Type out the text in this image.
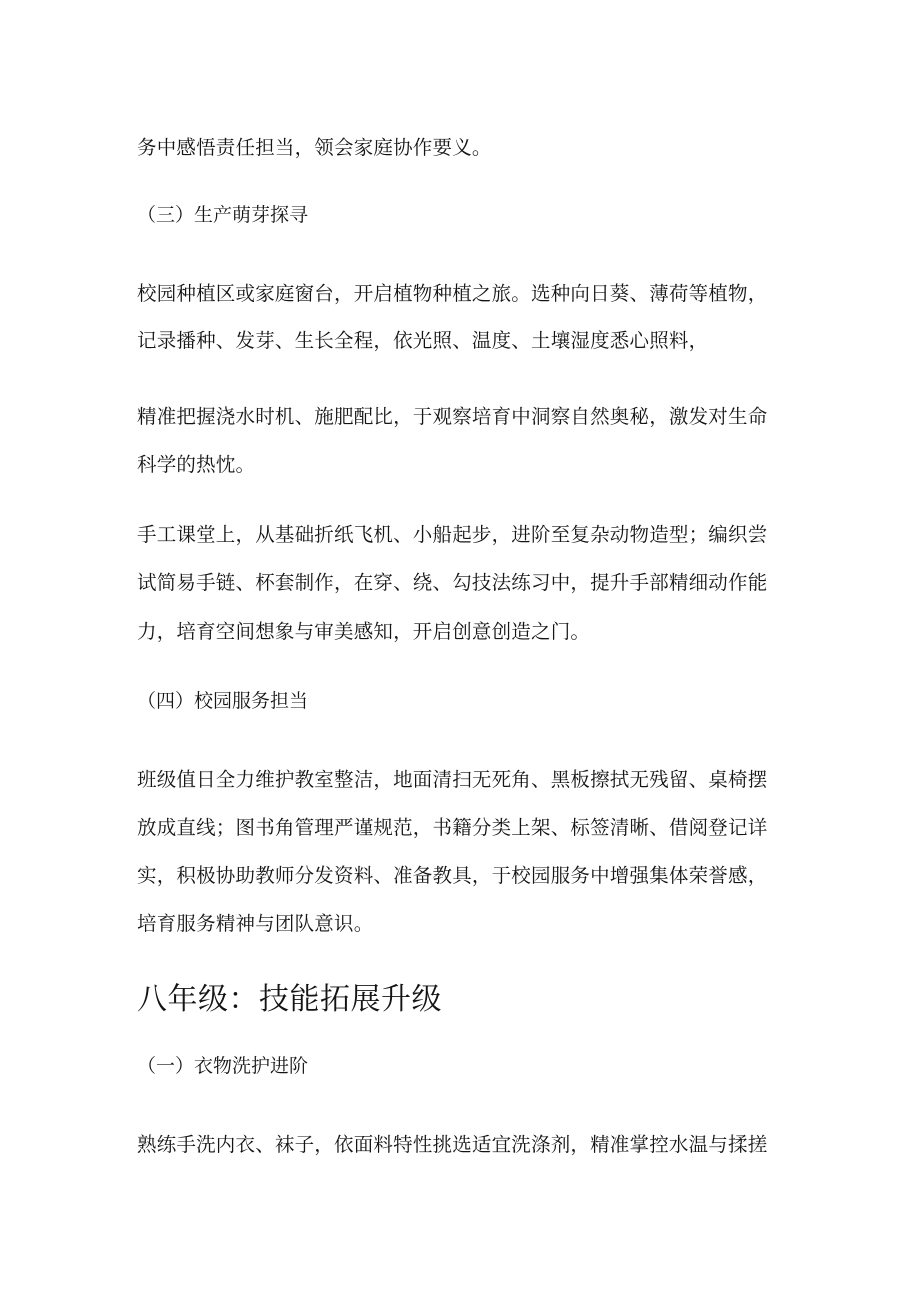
务中感悟责任担当，领会家庭协作要义。
（三）生产萌芽探寻
校园种植区或家庭窗台，开启植物种植之旅。选种向日葵、薄荷等植物，
记录播种、发芽、生长全程，依光照、温度、土壤湿度悉心照料，
精准把握浇水时机、施肥配比，于观察培育中洞察自然奥秘，激发对生命
科学的热忱。
手工课堂上，从基础折纸飞机、小船起步，进阶至复杂动物造型；编织尝
试简易手链、杯套制作，在穿、绕、勾技法练习中，提升手部精细动作能
力，培育空间想象与审美感知，开启创意创造之门。
（四）校园服务担当
班级值日全力维护教室整洁，地面清扫无死角、黑板擦拭无残留、桌椅摆
放成直线；图书角管理严谨规范，书籍分类上架、标签清晰、借阅登记详
实，积极协助教师分发资料、准备教具，于校园服务中增强集体荣誉感，
培育服务精神与团队意识。
八年级：技能拓展升级
（一）衣物洗护进阶
熟练手洗内衣、袜子，依面料特性挑选适宜洗涤剂，精准掌控水温与揉搓
